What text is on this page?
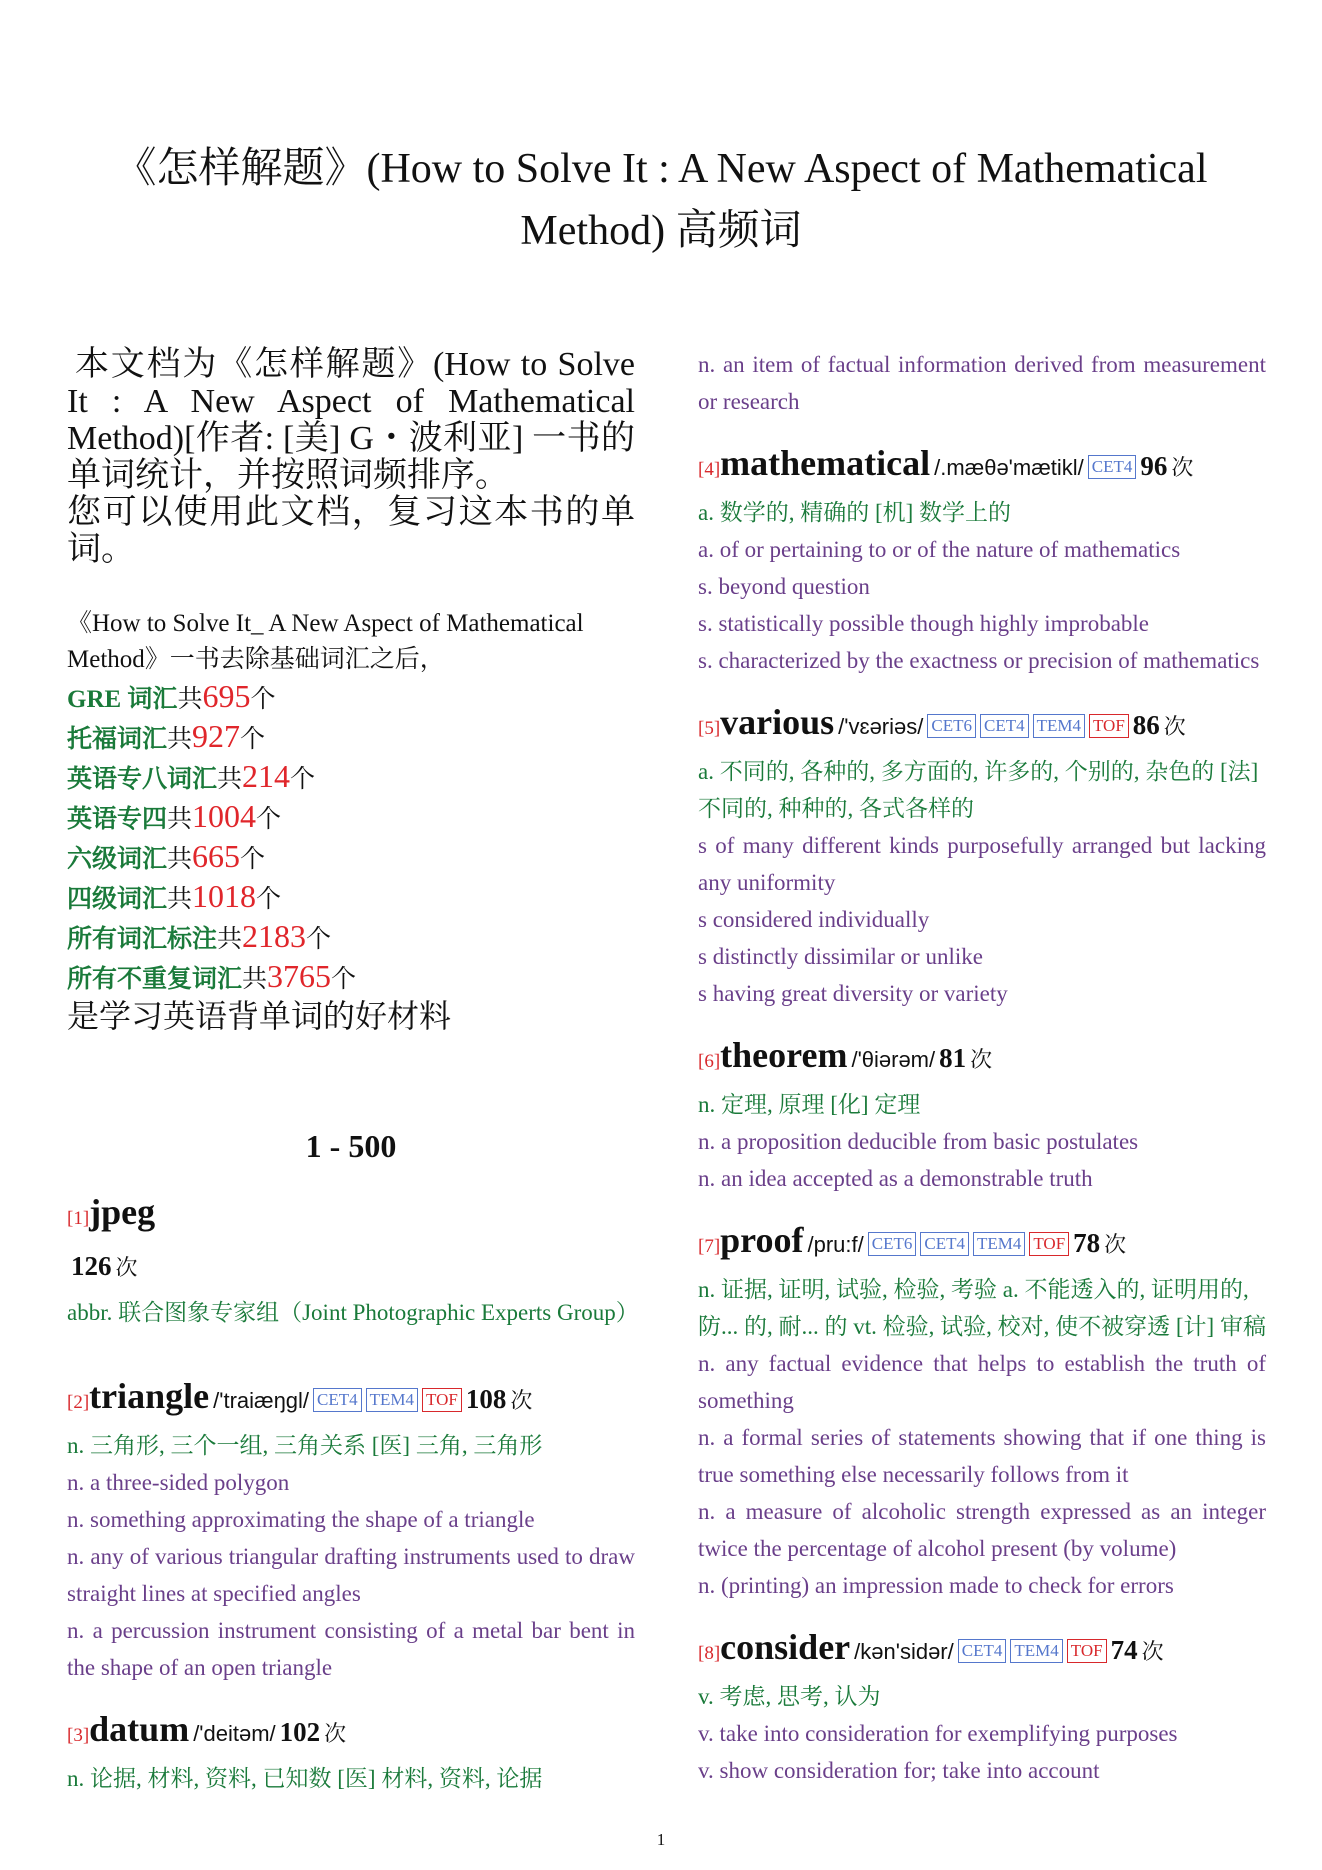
《怎样解题》(How to Solve It : A New Aspect of Mathematical
Method) 高频词
本文档为《怎样解题》(How to Solve It : A New Aspect of Mathematical Method)[作者: [美] G・波利亚] 一书的单词统计，并按照词频排序。
您可以使用此文档，复习这本书的单词。
《How to Solve It_ A New Aspect of Mathematical Method》一书去除基础词汇之后，
GRE 词汇共695个
托福词汇共927个
英语专八词汇共214个
英语专四共1004个
六级词汇共665个
四级词汇共1018个
所有词汇标注共2183个
所有不重复词汇共3765个
是学习英语背单词的好材料
1 - 500
[1]jpeg
126 次
abbr. 联合图象专家组（Joint Photographic Experts Group）
[2]triangle /'traiæŋgl/ CET4 TEM4 TOF 108 次
n. 三角形, 三个一组, 三角关系 [医] 三角, 三角形
n. a three-sided polygon
n. something approximating the shape of a triangle
n. any of various triangular drafting instruments used to draw straight lines at specified angles
n. a percussion instrument consisting of a metal bar bent in the shape of an open triangle
[3]datum /'deitəm/ 102 次
n. 论据, 材料, 资料, 已知数 [医] 材料, 资料, 论据
n. an item of factual information derived from measurement or research
[4]mathematical /.mæθə'mætikl/ CET4 96 次
a. 数学的, 精确的 [机] 数学上的
a. of or pertaining to or of the nature of mathematics
s. beyond question
s. statistically possible though highly improbable
s. characterized by the exactness or precision of mathematics
[5]various /'vɛəriəs/ CET6 CET4 TEM4 TOF 86 次
a. 不同的, 各种的, 多方面的, 许多的, 个别的, 杂色的 [法] 不同的, 种种的, 各式各样的
s of many different kinds purposefully arranged but lacking any uniformity
s considered individually
s distinctly dissimilar or unlike
s having great diversity or variety
[6]theorem /'θiərəm/ 81 次
n. 定理, 原理 [化] 定理
n. a proposition deducible from basic postulates
n. an idea accepted as a demonstrable truth
[7]proof /pru:f/ CET6 CET4 TEM4 TOF 78 次
n. 证据, 证明, 试验, 检验, 考验 a. 不能透入的, 证明用的, 防... 的, 耐... 的 vt. 检验, 试验, 校对, 使不被穿透 [计] 审稿
n. any factual evidence that helps to establish the truth of something
n. a formal series of statements showing that if one thing is true something else necessarily follows from it
n. a measure of alcoholic strength expressed as an integer twice the percentage of alcohol present (by volume)
n. (printing) an impression made to check for errors
[8]consider /kən'sidər/ CET4 TEM4 TOF 74 次
v. 考虑, 思考, 认为
v. take into consideration for exemplifying purposes
v. show consideration for; take into account
1
